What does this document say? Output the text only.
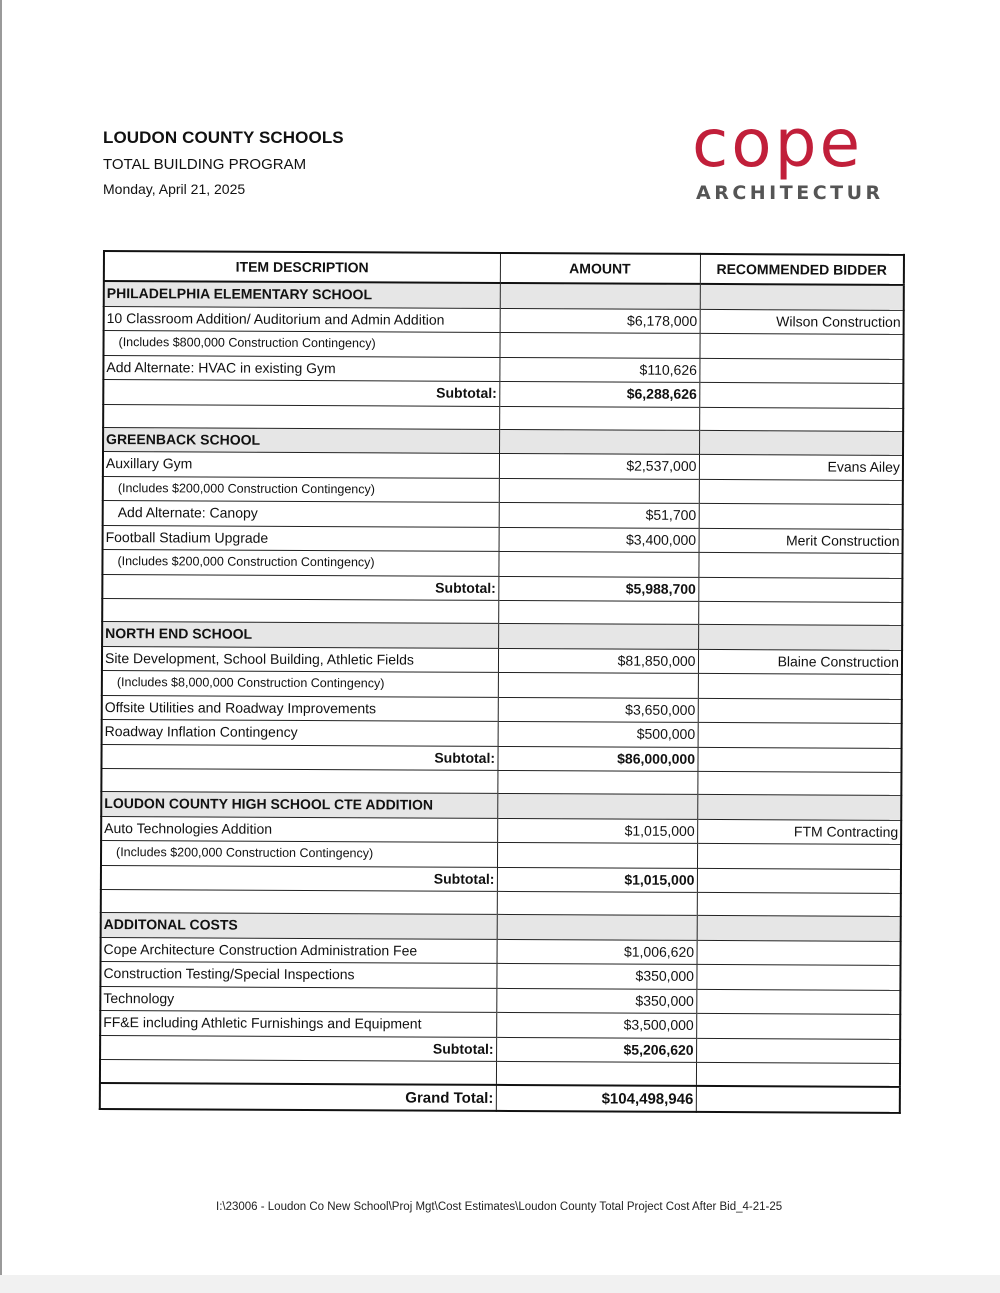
LOUDON COUNTY SCHOOLS
TOTAL BUILDING PROGRAM
Monday, April 21, 2025
cope
ARCHITECTUR
ITEM DESCRIPTION	AMOUNT	RECOMMENDED BIDDER
PHILADELPHIA ELEMENTARY SCHOOL		
10 Classroom Addition/ Auditorium and Admin Addition	$6,178,000	Wilson Construction
(Includes $800,000 Construction Contingency)		
Add Alternate: HVAC in existing Gym	$110,626	
Subtotal:	$6,288,626	

GREENBACK SCHOOL		
Auxillary Gym	$2,537,000	Evans Ailey
(Includes $200,000 Construction Contingency)		
Add Alternate: Canopy	$51,700	
Football Stadium Upgrade	$3,400,000	Merit Construction
(Includes $200,000 Construction Contingency)		
Subtotal:	$5,988,700	

NORTH END SCHOOL		
Site Development, School Building, Athletic Fields	$81,850,000	Blaine Construction
(Includes $8,000,000 Construction Contingency)		
Offsite Utilities and Roadway Improvements	$3,650,000	
Roadway Inflation Contingency	$500,000	
Subtotal:	$86,000,000	

LOUDON COUNTY HIGH SCHOOL CTE ADDITION		
Auto Technologies Addition	$1,015,000	FTM Contracting
(Includes $200,000 Construction Contingency)		
Subtotal:	$1,015,000	

ADDITONAL COSTS		
Cope Architecture Construction Administration Fee	$1,006,620	
Construction Testing/Special Inspections	$350,000	
Technology	$350,000	
FF&E including Athletic Furnishings and Equipment	$3,500,000	
Subtotal:	$5,206,620	

Grand Total:	$104,498,946	
I:\23006 - Loudon Co New School\Proj Mgt\Cost Estimates\Loudon County Total Project Cost After Bid_4-21-25
